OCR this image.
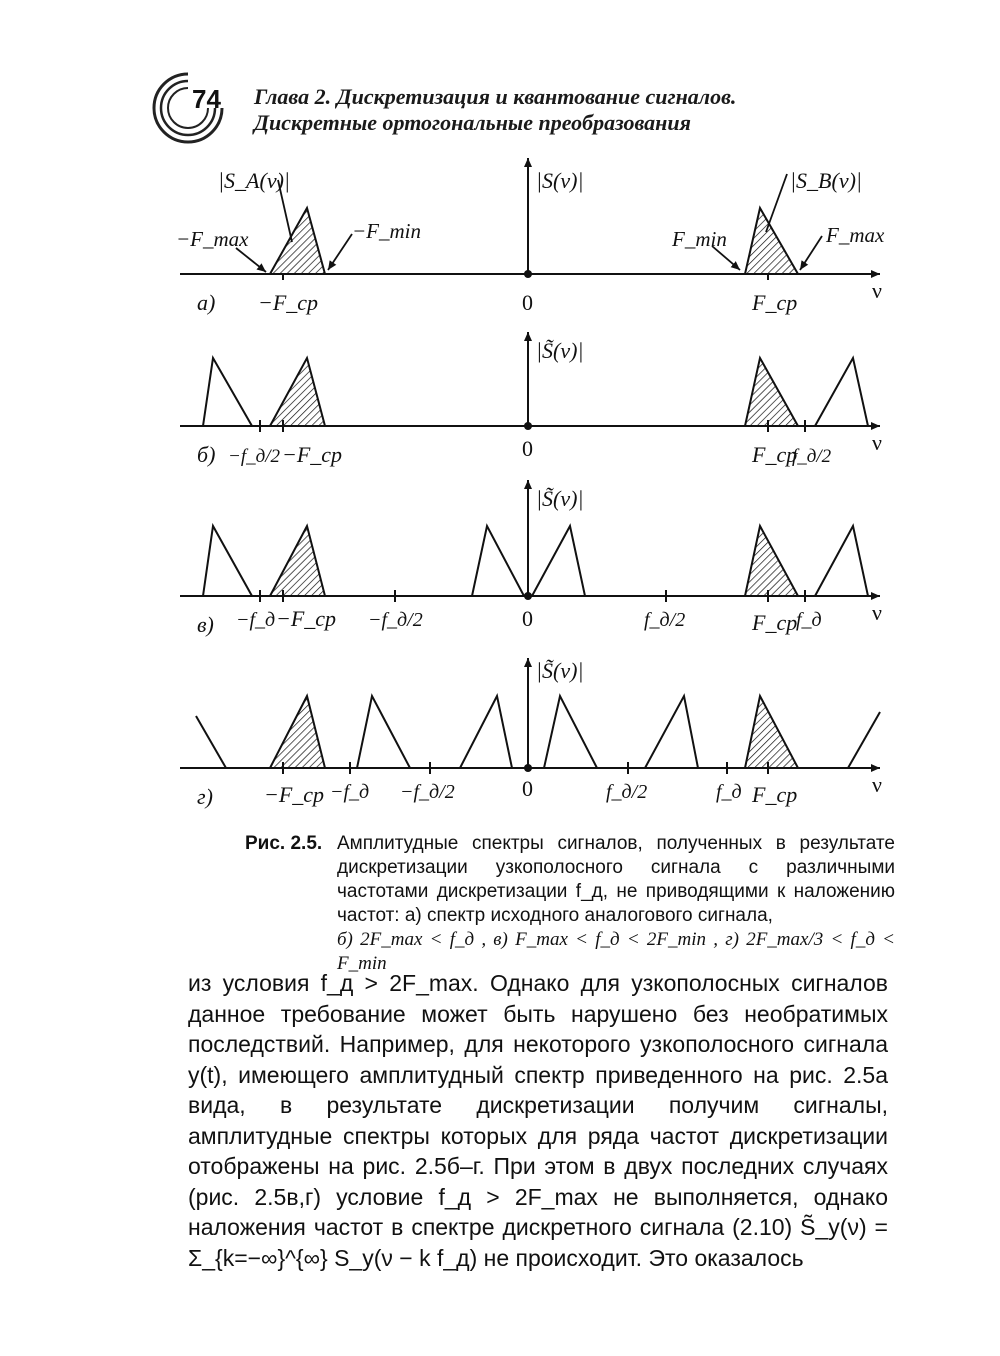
74 Глава 2. Дискретизация и квантование сигналов.
Дискретные ортогональные преобразования
а)
|S(ν)|
|S_A(ν)|	|S_B(ν)|
−F_max	−F_min	F_min	F_max
−F_ср	0	F_ср	ν
б)
|S̃(ν)|
−f_д/2 −F_ср	0	F_ср
f_д/2
ν
в)
|S̃(ν)|
−f_д −F_ср −f_д/2	0	f_д/2	F_ср
f_д ν
г)
|S̃(ν)|
−F_ср −f_д −f_д/2	0	f_д/2	f_д F_ср	ν
Рис. 2.5. Амплитудные спектры сигналов, полученных в результате дискретизации узкополосного сигнала с различными частотами дискретизации f_д, не приводящими к наложению частот: а) спектр исходного аналогового сигнала,
б) 2F_max < f_д , в) F_max < f_д < 2F_min , г) 2F_max/3 < f_д < F_min

из условия f_д > 2F_max. Однако для узкополосных сигналов данное требование может быть нарушено без необратимых последствий. Например, для некоторого узкополосного сигнала y(t), имеющего амплитудный спектр приведенного на рис. 2.5а вида, в результате дискретизации получим сигналы, амплитудные спектры которых для ряда частот дискретизации отображены на рис. 2.5б–г. При этом в двух последних случаях (рис. 2.5в,г) условие f_д > 2F_max не выполняется, однако наложения частот в спектре дискретного сигнала (2.10) S̃_y(ν) = Σ_{k=−∞}^{∞} S_y(ν − k f_д) не происходит. Это оказалось
